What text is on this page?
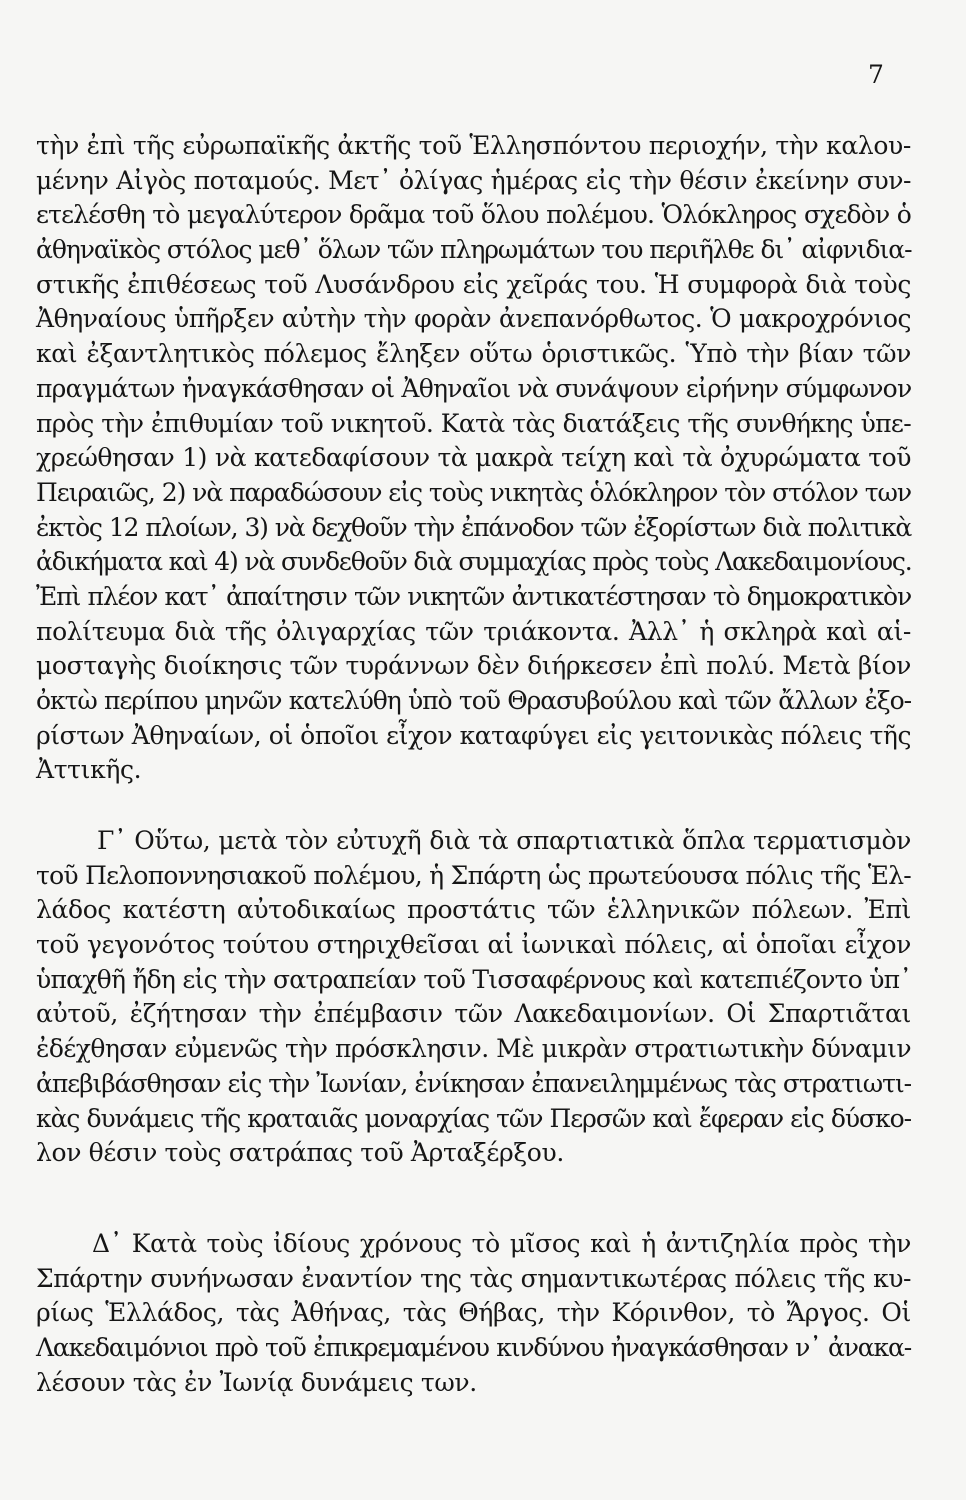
7
τὴν ἐπὶ τῆς εὐρωπαϊκῆς ἀκτῆς τοῦ Ἑλλησπόντου περιοχήν, τὴν καλου-
μένην Αἰγὸς ποταμούς. Μετ᾿ ὀλίγας ἡμέρας εἰς τὴν θέσιν ἐκείνην συν-
ετελέσθη τὸ μεγαλύτερον δρᾶμα τοῦ ὅλου πολέμου. Ὁλόκληρος σχεδὸν ὁ
ἀθηναϊκὸς στόλος μεθ᾿ ὅλων τῶν πληρωμάτων του περιῆλθε δι᾿ αἰφνιδια-
στικῆς ἐπιθέσεως τοῦ Λυσάνδρου εἰς χεῖράς του. Ἡ συμφορὰ διὰ τοὺς
Ἀθηναίους ὑπῆρξεν αὐτὴν τὴν φορὰν ἀνεπανόρθωτος. Ὁ μακροχρόνιος
καὶ ἐξαντλητικὸς πόλεμος ἔληξεν οὕτω ὁριστικῶς. Ὑπὸ τὴν βίαν τῶν
πραγμάτων ἠναγκάσθησαν οἱ Ἀθηναῖοι νὰ συνάψουν εἰρήνην σύμφωνον
πρὸς τὴν ἐπιθυμίαν τοῦ νικητοῦ. Κατὰ τὰς διατάξεις τῆς συνθήκης ὑπε-
χρεώθησαν 1) νὰ κατεδαφίσουν τὰ μακρὰ τείχη καὶ τὰ ὀχυρώματα τοῦ
Πειραιῶς, 2) νὰ παραδώσουν εἰς τοὺς νικητὰς ὁλόκληρον τὸν στόλον των
ἐκτὸς 12 πλοίων, 3) νὰ δεχθοῦν τὴν ἐπάνοδον τῶν ἐξορίστων διὰ πολιτικὰ
ἀδικήματα καὶ 4) νὰ συνδεθοῦν διὰ συμμαχίας πρὸς τοὺς Λακεδαιμονίους.
Ἐπὶ πλέον κατ᾿ ἀπαίτησιν τῶν νικητῶν ἀντικατέστησαν τὸ δημοκρατικὸν
πολίτευμα διὰ τῆς ὀλιγαρχίας τῶν τριάκοντα. Ἀλλ᾿ ἡ σκληρὰ καὶ αἱ-
μοσταγὴς διοίκησις τῶν τυράννων δὲν διήρκεσεν ἐπὶ πολύ. Μετὰ βίον
ὀκτὼ περίπου μηνῶν κατελύθη ὑπὸ τοῦ Θρασυβούλου καὶ τῶν ἄλλων ἐξο-
ρίστων Ἀθηναίων, οἱ ὁποῖοι εἶχον καταφύγει εἰς γειτονικὰς πόλεις τῆς
Ἀττικῆς.
Γ᾽ Οὕτω, μετὰ τὸν εὐτυχῆ διὰ τὰ σπαρτιατικὰ ὅπλα τερματισμὸν
τοῦ Πελοποννησιακοῦ πολέμου, ἡ Σπάρτη ὡς πρωτεύουσα πόλις τῆς Ἑλ-
λάδος κατέστη αὐτοδικαίως προστάτις τῶν ἑλληνικῶν πόλεων. Ἐπὶ
τοῦ γεγονότος τούτου στηριχθεῖσαι αἱ ἰωνικαὶ πόλεις, αἱ ὁποῖαι εἶχον
ὑπαχθῆ ἤδη εἰς τὴν σατραπείαν τοῦ Τισσαφέρνους καὶ κατεπιέζοντο ὑπ᾿
αὐτοῦ, ἐζήτησαν τὴν ἐπέμβασιν τῶν Λακεδαιμονίων. Οἱ Σπαρτιᾶται
ἐδέχθησαν εὐμενῶς τὴν πρόσκλησιν. Μὲ μικρὰν στρατιωτικὴν δύναμιν
ἀπεβιβάσθησαν εἰς τὴν Ἰωνίαν, ἐνίκησαν ἐπανειλημμένως τὰς στρατιωτι-
κὰς δυνάμεις τῆς κραταιᾶς μοναρχίας τῶν Περσῶν καὶ ἔφεραν εἰς δύσκο-
λον θέσιν τοὺς σατράπας τοῦ Ἀρταξέρξου.
Δ᾽ Κατὰ τοὺς ἰδίους χρόνους τὸ μῖσος καὶ ἡ ἀντιζηλία πρὸς τὴν
Σπάρτην συνήνωσαν ἐναντίον της τὰς σημαντικωτέρας πόλεις τῆς κυ-
ρίως Ἑλλάδος, τὰς Ἀθήνας, τὰς Θήβας, τὴν Κόρινθον, τὸ Ἄργος. Οἱ
Λακεδαιμόνιοι πρὸ τοῦ ἐπικρεμαμένου κινδύνου ἠναγκάσθησαν ν᾿ ἀνακα-
λέσουν τὰς ἐν Ἰωνίᾳ δυνάμεις των.
